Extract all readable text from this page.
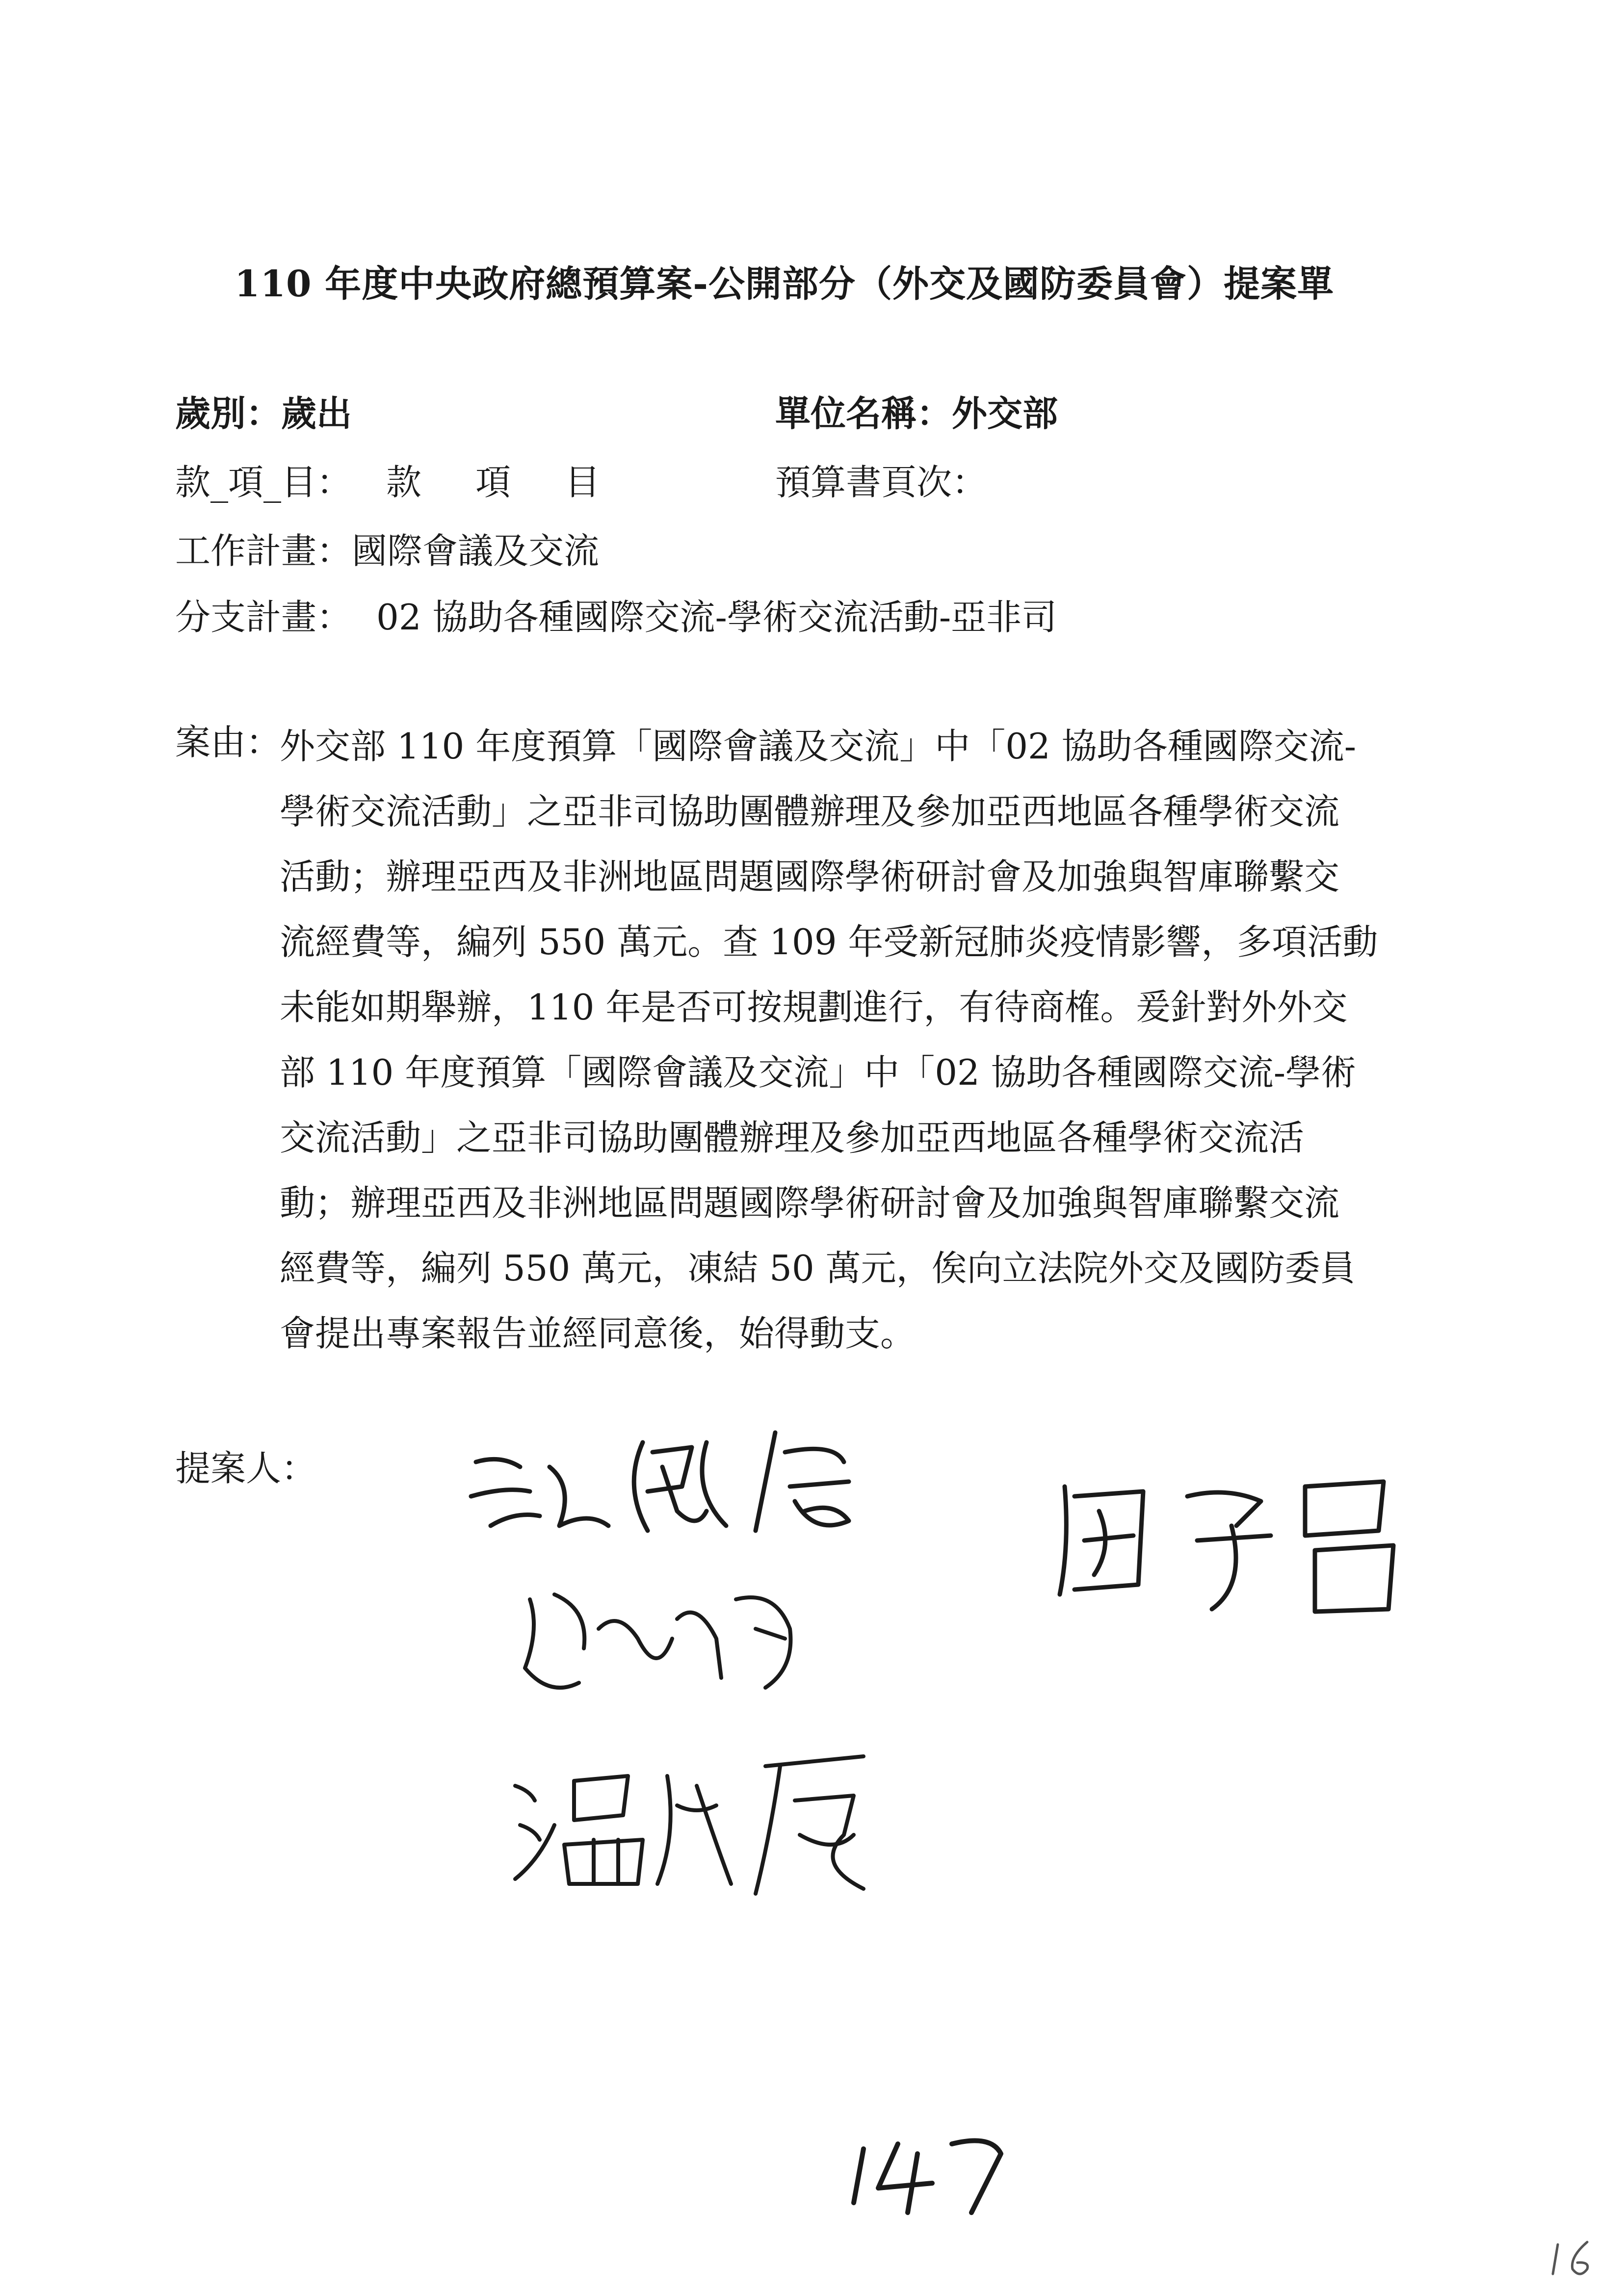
110 年度中央政府總預算案-公開部分（外交及國防委員會）提案單
歲別：歲出	單位名稱：外交部
款_項_目： 款 項 目	預算書頁次：
工作計畫：國際會議及交流
分支計畫： 02 協助各種國際交流-學術交流活動-亞非司
案由：
外交部 110 年度預算「國際會議及交流」中「02 協助各種國際交流-
學術交流活動」之亞非司協助團體辦理及參加亞西地區各種學術交流
活動；辦理亞西及非洲地區問題國際學術研討會及加強與智庫聯繫交
流經費等，編列 550 萬元。查 109 年受新冠肺炎疫情影響，多項活動
未能如期舉辦，110 年是否可按規劃進行，有待商榷。爰針對外外交
部 110 年度預算「國際會議及交流」中「02 協助各種國際交流-學術
交流活動」之亞非司協助團體辦理及參加亞西地區各種學術交流活
動；辦理亞西及非洲地區問題國際學術研討會及加強與智庫聯繫交流
經費等，編列 550 萬元，凍結 50 萬元，俟向立法院外交及國防委員
會提出專案報告並經同意後，始得動支。
提案人：
147
16
